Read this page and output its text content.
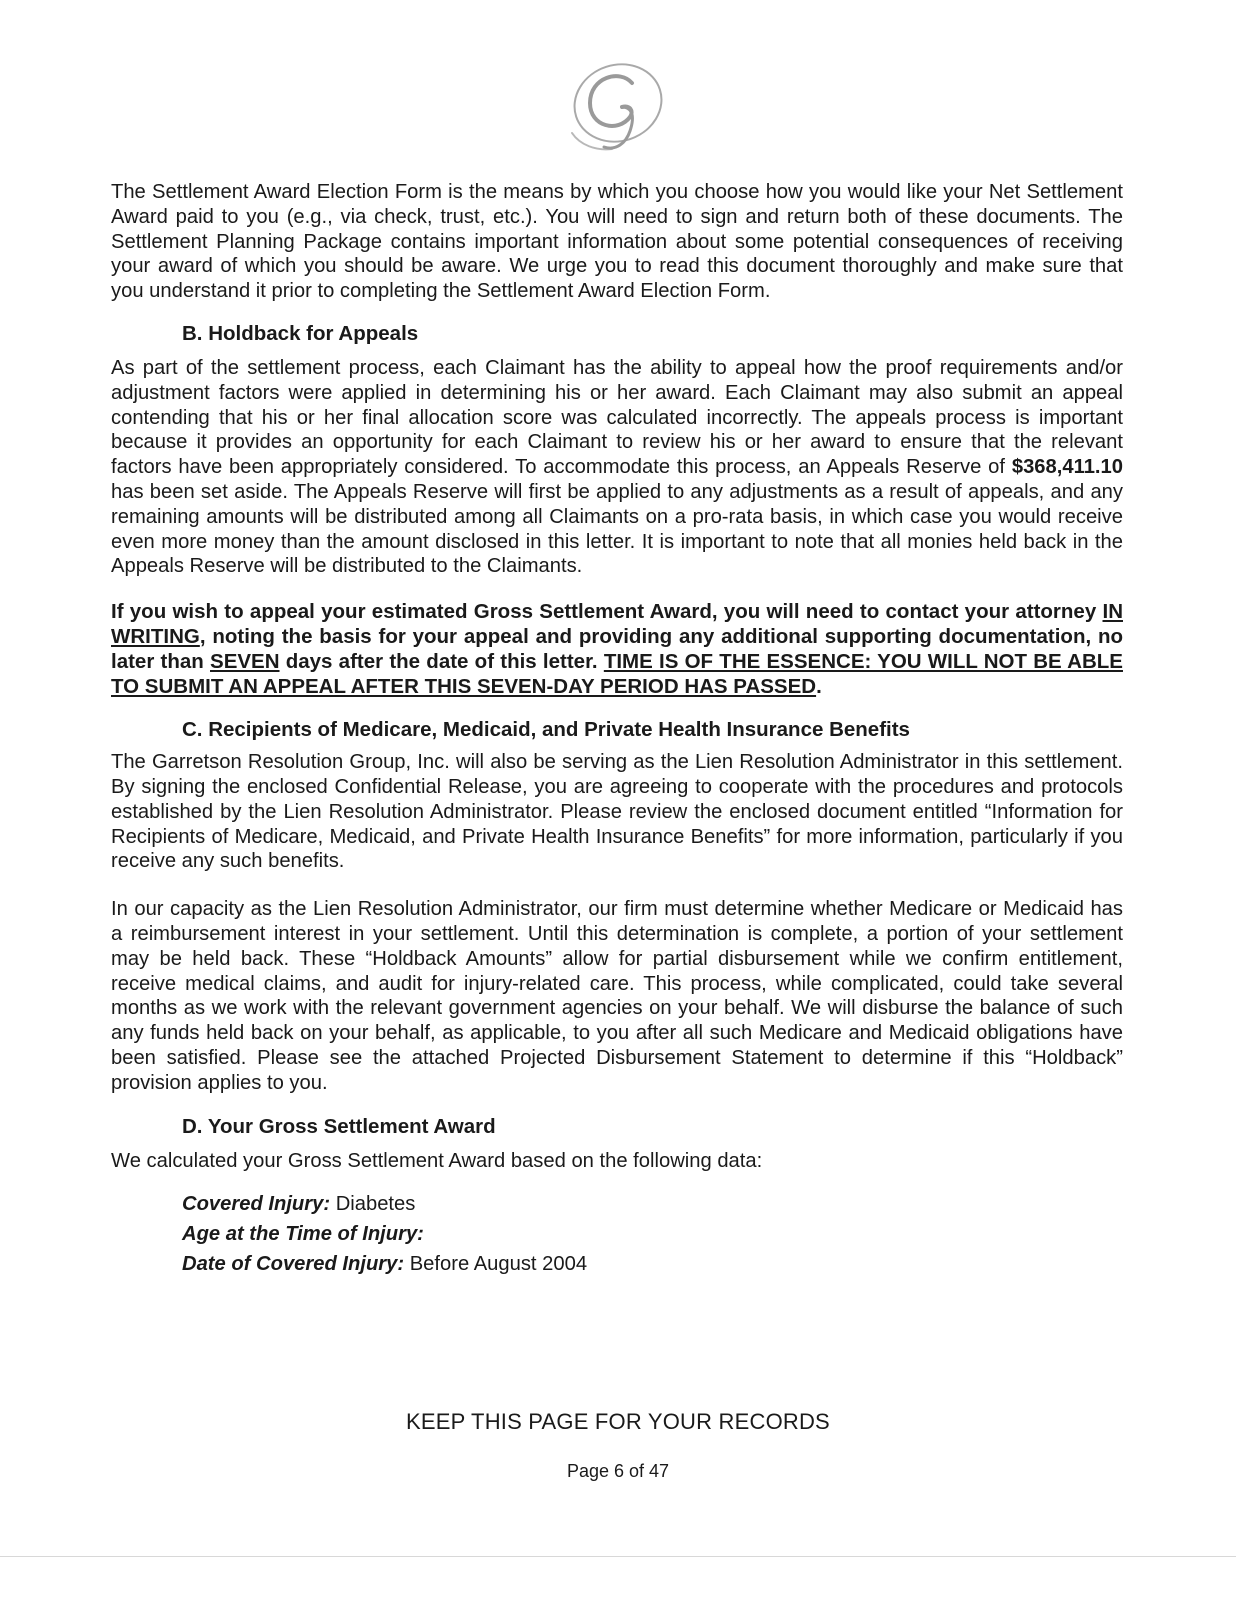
The Settlement Award Election Form is the means by which you choose how you would like your Net Settlement Award paid to you (e.g., via check, trust, etc.). You will need to sign and return both of these documents. The Settlement Planning Package contains important information about some potential consequences of receiving your award of which you should be aware. We urge you to read this document thoroughly and make sure that you understand it prior to completing the Settlement Award Election Form.

B. Holdback for Appeals

As part of the settlement process, each Claimant has the ability to appeal how the proof requirements and/or adjustment factors were applied in determining his or her award. Each Claimant may also submit an appeal contending that his or her final allocation score was calculated incorrectly. The appeals process is important because it provides an opportunity for each Claimant to review his or her award to ensure that the relevant factors have been appropriately considered. To accommodate this process, an Appeals Reserve of $368,411.10 has been set aside. The Appeals Reserve will first be applied to any adjustments as a result of appeals, and any remaining amounts will be distributed among all Claimants on a pro-rata basis, in which case you would receive even more money than the amount disclosed in this letter. It is important to note that all monies held back in the Appeals Reserve will be distributed to the Claimants.

If you wish to appeal your estimated Gross Settlement Award, you will need to contact your attorney IN WRITING, noting the basis for your appeal and providing any additional supporting documentation, no later than SEVEN days after the date of this letter. TIME IS OF THE ESSENCE: YOU WILL NOT BE ABLE TO SUBMIT AN APPEAL AFTER THIS SEVEN-DAY PERIOD HAS PASSED.

C. Recipients of Medicare, Medicaid, and Private Health Insurance Benefits

The Garretson Resolution Group, Inc. will also be serving as the Lien Resolution Administrator in this settlement. By signing the enclosed Confidential Release, you are agreeing to cooperate with the procedures and protocols established by the Lien Resolution Administrator. Please review the enclosed document entitled “Information for Recipients of Medicare, Medicaid, and Private Health Insurance Benefits” for more information, particularly if you receive any such benefits.

In our capacity as the Lien Resolution Administrator, our firm must determine whether Medicare or Medicaid has a reimbursement interest in your settlement. Until this determination is complete, a portion of your settlement may be held back. These “Holdback Amounts” allow for partial disbursement while we confirm entitlement, receive medical claims, and audit for injury-related care. This process, while complicated, could take several months as we work with the relevant government agencies on your behalf. We will disburse the balance of such any funds held back on your behalf, as applicable, to you after all such Medicare and Medicaid obligations have been satisfied. Please see the attached Projected Disbursement Statement to determine if this “Holdback” provision applies to you.

D. Your Gross Settlement Award

We calculated your Gross Settlement Award based on the following data:

Covered Injury: Diabetes
Age at the Time of Injury:
Date of Covered Injury: Before August 2004
KEEP THIS PAGE FOR YOUR RECORDS
Page 6 of 47
